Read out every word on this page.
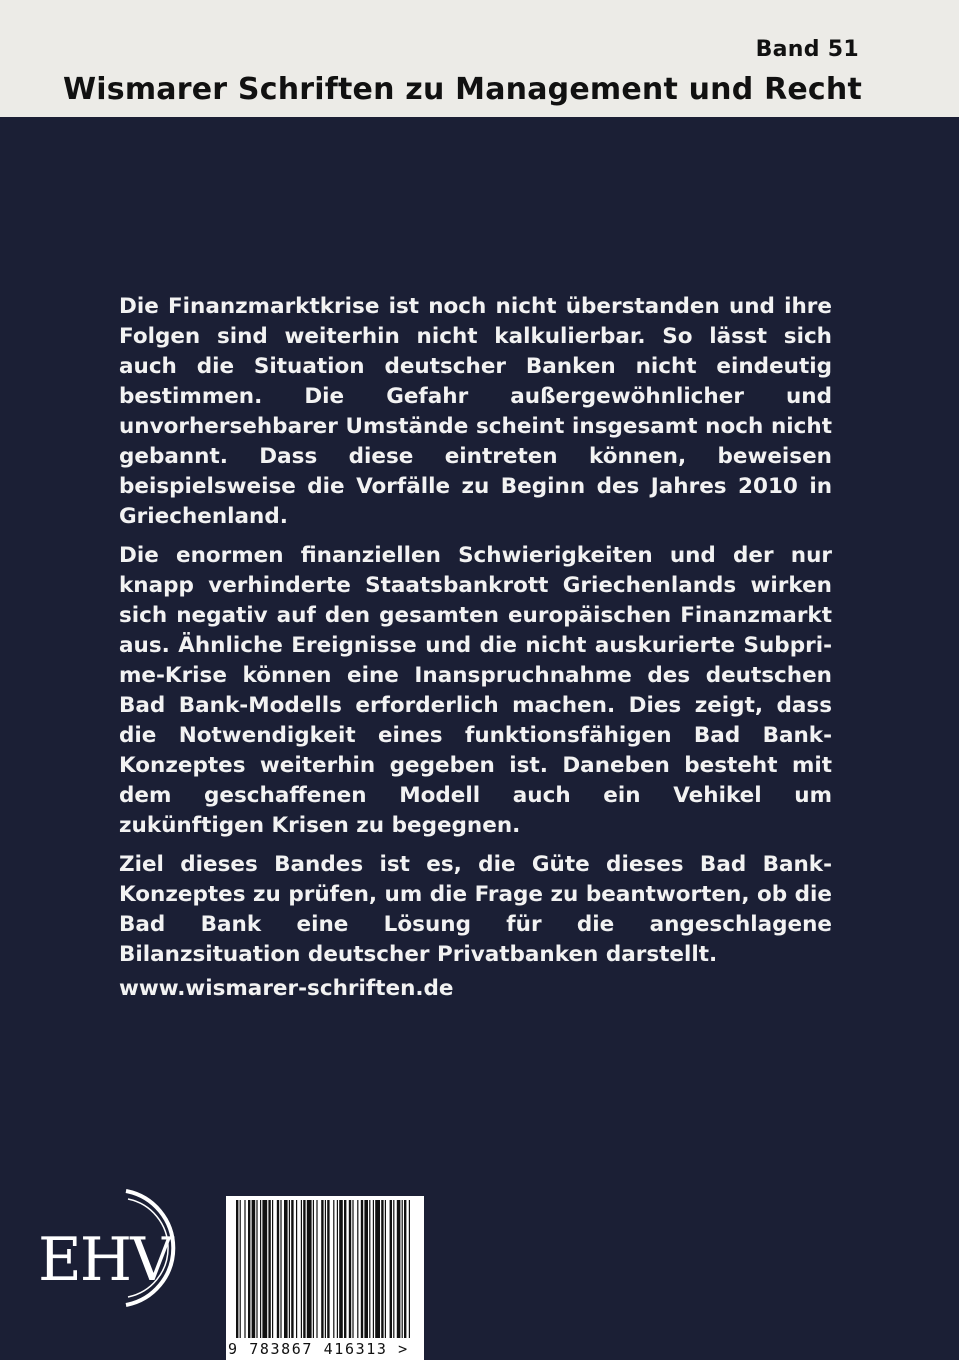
Band 51
Wismarer Schriften zu Management und Recht

Die Finanzmarktkrise ist noch nicht überstanden und ihre Folgen sind weiterhin nicht kalkulierbar. So lässt sich auch die Situation deutscher Banken nicht eindeutig bestimmen. Die Gefahr außergewöhnlicher und unvorhersehbarer Umstände scheint insgesamt noch nicht gebannt. Dass diese eintreten können, beweisen beispielsweise die Vorfälle zu Beginn des Jahres 2010 in Griechenland.

Die enormen finanziellen Schwierigkeiten und der nur knapp verhinderte Staatsbankrott Griechenlands wirken sich negativ auf den gesamten europäischen Finanzmarkt aus. Ähnliche Ereignisse und die nicht auskurierte Subprime-Krise können eine Inanspruchnahme des deutschen Bad Bank-Modells erforderlich machen. Dies zeigt, dass die Notwendigkeit eines funktionsfähigen Bad Bank-Konzeptes weiterhin gegeben ist. Daneben besteht mit dem geschaffenen Modell auch ein Vehikel um zukünftigen Krisen zu begegnen.

Ziel dieses Bandes ist es, die Güte dieses Bad Bank-Konzeptes zu prüfen, um die Frage zu beantworten, ob die Bad Bank eine Lösung für die angeschlagene Bilanzsituation deutscher Privatbanken darstellt.

www.wismarer-schriften.de
EHV
9 783867 416313 >
